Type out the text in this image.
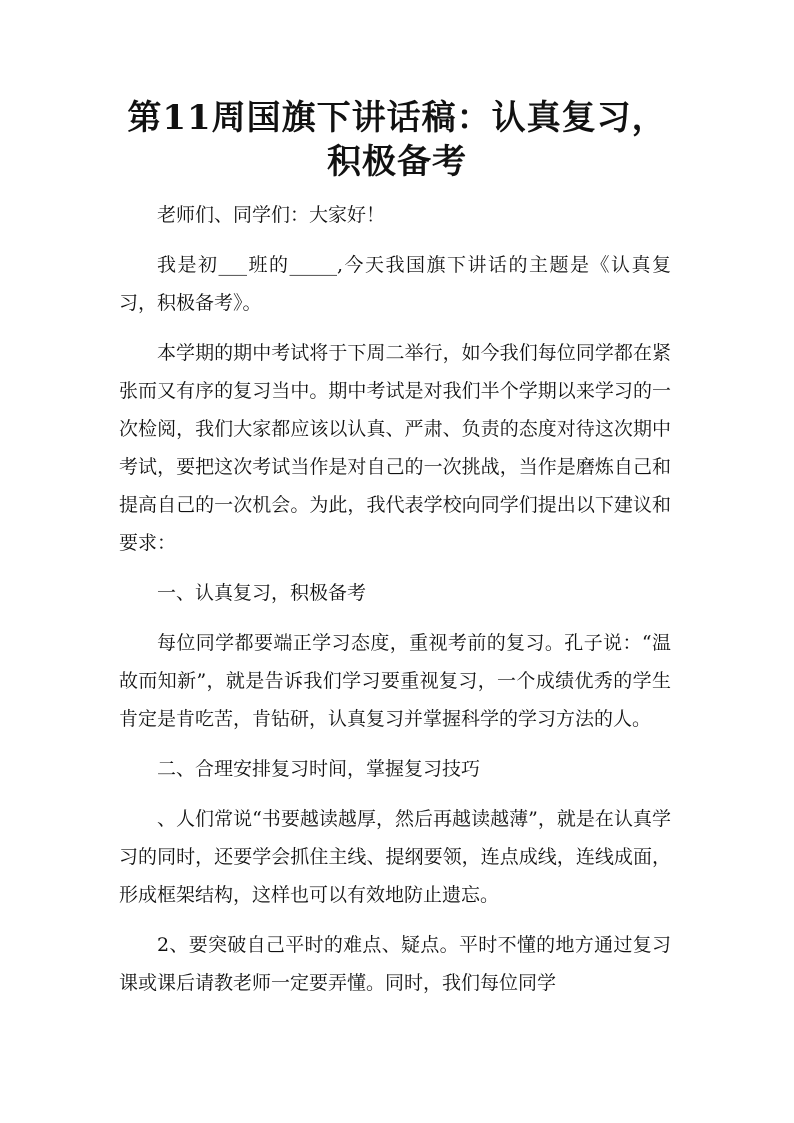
第11周国旗下讲话稿：认真复习，积极备考

老师们、同学们：大家好！

我是初___班的_____,今天我国旗下讲话的主题是《认真复习，积极备考》。

本学期的期中考试将于下周二举行，如今我们每位同学都在紧张而又有序的复习当中。期中考试是对我们半个学期以来学习的一次检阅，我们大家都应该以认真、严肃、负责的态度对待这次期中考试，要把这次考试当作是对自己的一次挑战，当作是磨炼自己和提高自己的一次机会。为此，我代表学校向同学们提出以下建议和要求：

一、认真复习，积极备考

每位同学都要端正学习态度，重视考前的复习。孔子说：“温故而知新”，就是告诉我们学习要重视复习，一个成绩优秀的学生肯定是肯吃苦，肯钻研，认真复习并掌握科学的学习方法的人。

二、合理安排复习时间，掌握复习技巧

、人们常说“书要越读越厚，然后再越读越薄”，就是在认真学习的同时，还要学会抓住主线、提纲要领，连点成线，连线成面，形成框架结构，这样也可以有效地防止遗忘。

2、要突破自己平时的难点、疑点。平时不懂的地方通过复习课或课后请教老师一定要弄懂。同时，我们每位同学
